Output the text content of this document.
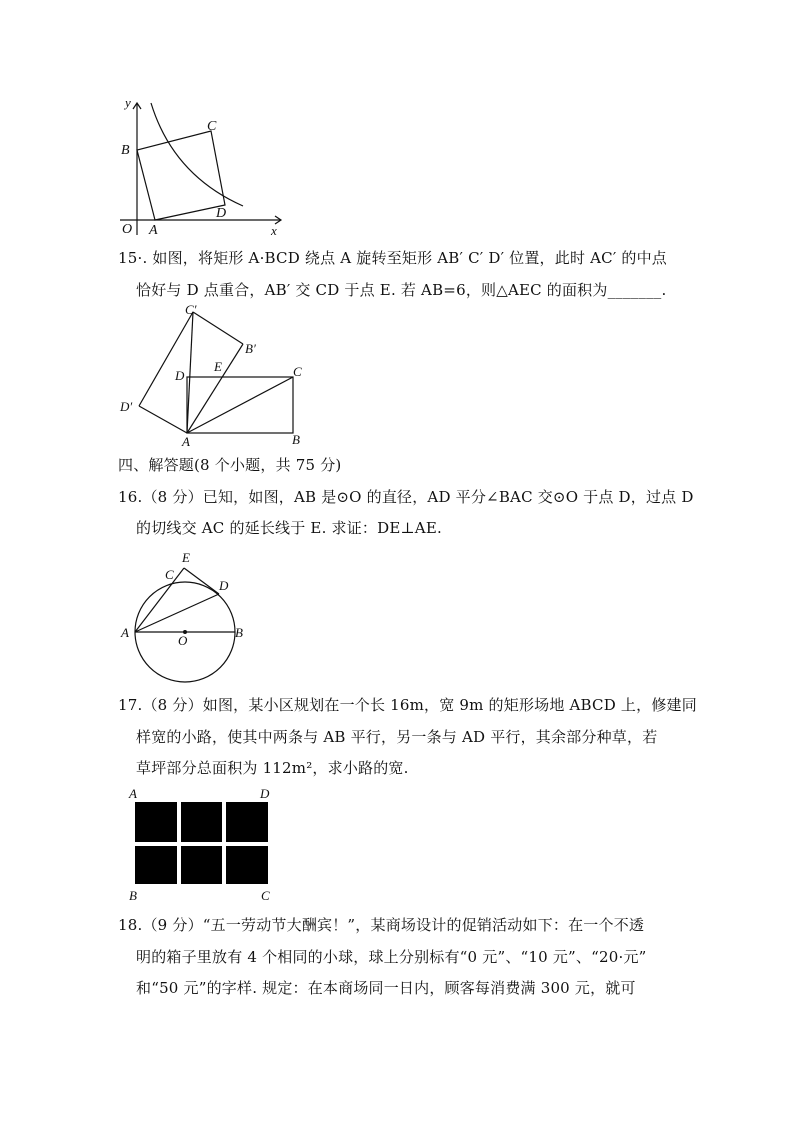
y
x
O A
B
C
D
15·. 如图，将矩形 A·BCD 绕点 A 旋转至矩形 AB′ C′ D′ 位置，此时 AC′ 的中点
恰好与 D 点重合，AB′ 交 CD 于点 E. 若 AB=6，则△AEC 的面积为_______.
C′
B′
D′
D
E	C
A	B
四、解答题(8 个小题，共 75 分)
16.（8 分）已知，如图，AB 是⊙O 的直径，AD 平分∠BAC 交⊙O 于点 D，过点 D
的切线交 AC 的延长线于 E. 求证：DE⊥AE.
E
C
D
A
O
B
17.（8 分）如图，某小区规划在一个长 16m，宽 9m 的矩形场地 ABCD 上，修建同
样宽的小路，使其中两条与 AB 平行，另一条与 AD 平行，其余部分种草，若
草坪部分总面积为 112m²，求小路的宽.
A	D
B	C
18.（9 分）“五一劳动节大酬宾！”，某商场设计的促销活动如下：在一个不透
明的箱子里放有 4 个相同的小球，球上分别标有“0 元”、“10 元”、“20·元”
和“50 元”的字样. 规定：在本商场同一日内，顾客每消费满 300 元，就可
